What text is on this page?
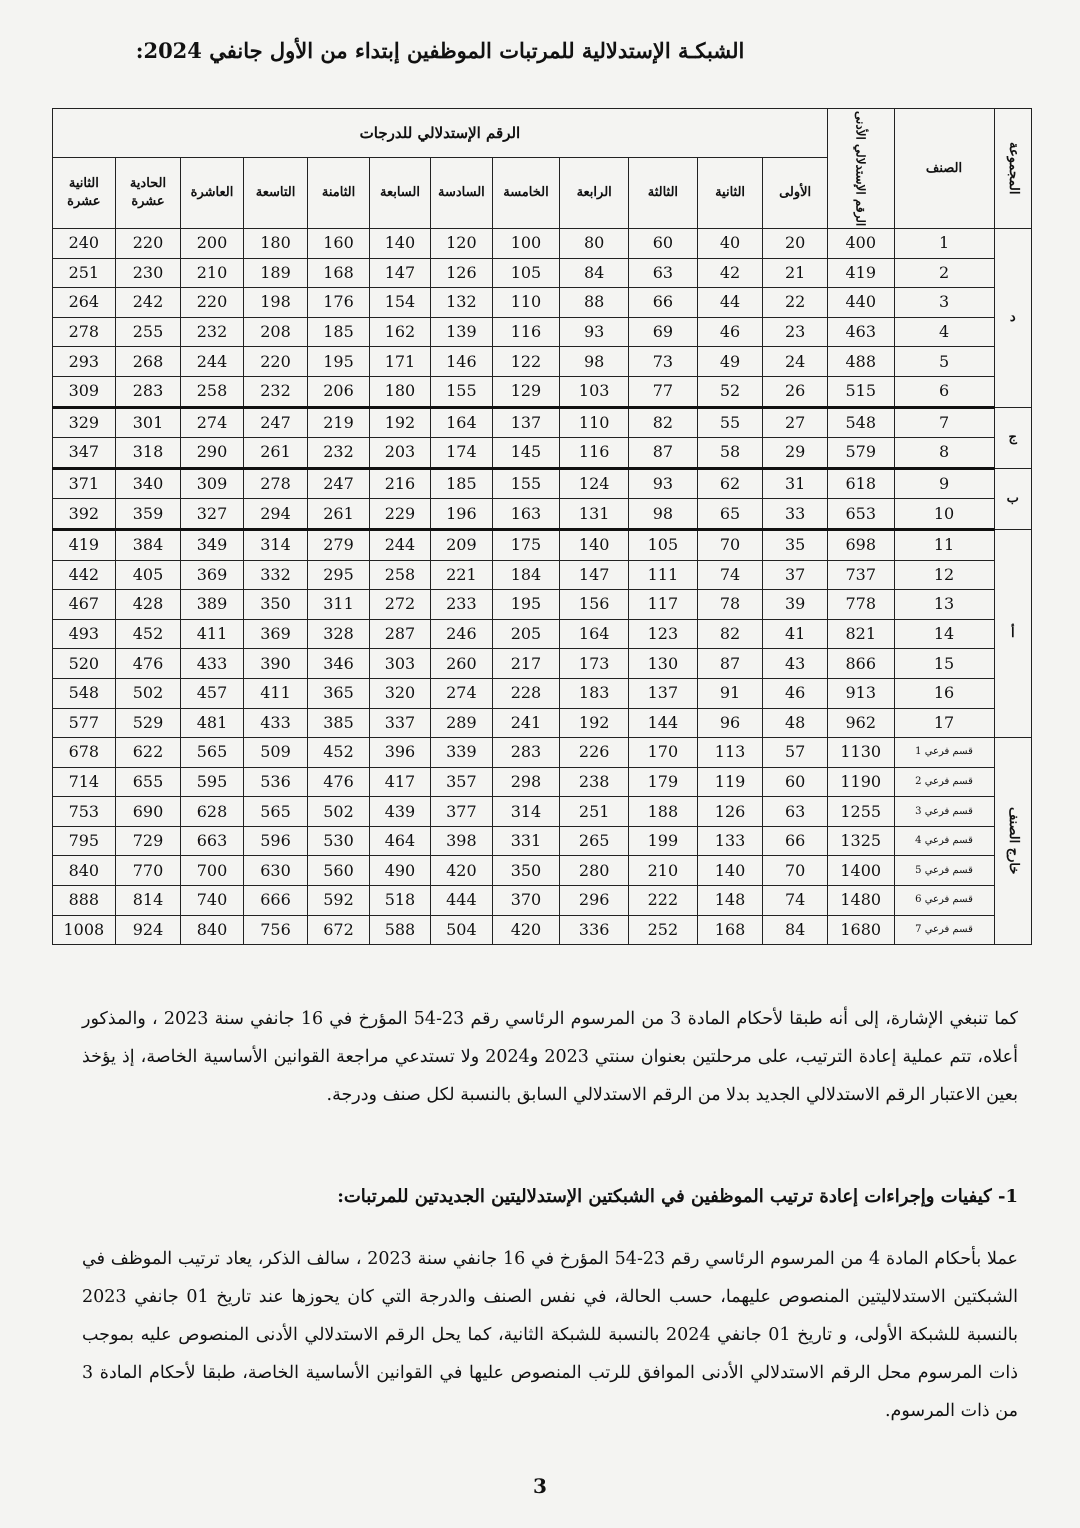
الشبكـة الإستدلالية للمرتبات الموظفين إبتداء من الأول جانفي 2024:
المجموعة	الصنف	الرقم الإستدلالي الأدنى	الرقم الإستدلالي للدرجات											
			الأولى	الثانية	الثالثة	الرابعة	الخامسة	السادسة	السابعة	الثامنة	التاسعة	العاشرة	الحادية عشرة	الثانية عشرة
د	1	400	20	40	60	80	100	120	140	160	180	200	220	240
	2	419	21	42	63	84	105	126	147	168	189	210	230	251
	3	440	22	44	66	88	110	132	154	176	198	220	242	264
	4	463	23	46	69	93	116	139	162	185	208	232	255	278
	5	488	24	49	73	98	122	146	171	195	220	244	268	293
	6	515	26	52	77	103	129	155	180	206	232	258	283	309
ج	7	548	27	55	82	110	137	164	192	219	247	274	301	329
	8	579	29	58	87	116	145	174	203	232	261	290	318	347
ب	9	618	31	62	93	124	155	185	216	247	278	309	340	371
	10	653	33	65	98	131	163	196	229	261	294	327	359	392
أ	11	698	35	70	105	140	175	209	244	279	314	349	384	419
	12	737	37	74	111	147	184	221	258	295	332	369	405	442
	13	778	39	78	117	156	195	233	272	311	350	389	428	467
	14	821	41	82	123	164	205	246	287	328	369	411	452	493
	15	866	43	87	130	173	217	260	303	346	390	433	476	520
	16	913	46	91	137	183	228	274	320	365	411	457	502	548
	17	962	48	96	144	192	241	289	337	385	433	481	529	577
خارج الصنف	قسم فرعي 1	1130	57	113	170	226	283	339	396	452	509	565	622	678
	قسم فرعي 2	1190	60	119	179	238	298	357	417	476	536	595	655	714
	قسم فرعي 3	1255	63	126	188	251	314	377	439	502	565	628	690	753
	قسم فرعي 4	1325	66	133	199	265	331	398	464	530	596	663	729	795
	قسم فرعي 5	1400	70	140	210	280	350	420	490	560	630	700	770	840
	قسم فرعي 6	1480	74	148	222	296	370	444	518	592	666	740	814	888
	قسم فرعي 7	1680	84	168	252	336	420	504	588	672	756	840	924	1008
كما تنبغي الإشارة، إلى أنه طبقا لأحكام المادة 3 من المرسوم الرئاسي رقم 23-54 المؤرخ في 16 جانفي سنة 2023 ، والمذكور أعلاه، تتم عملية إعادة الترتيب، على مرحلتين بعنوان سنتي 2023 و2024 ولا تستدعي مراجعة القوانين الأساسية الخاصة، إذ يؤخذ بعين الاعتبار الرقم الاستدلالي الجديد بدلا من الرقم الاستدلالي السابق بالنسبة لكل صنف ودرجة.
1- كيفيات وإجراءات إعادة ترتيب الموظفين في الشبكتين الإستدلاليتين الجديدتين للمرتبات:
عملا بأحكام المادة 4 من المرسوم الرئاسي رقم 23-54 المؤرخ في 16 جانفي سنة 2023 ، سالف الذكر، يعاد ترتيب الموظف في الشبكتين الاستدلاليتين المنصوص عليهما، حسب الحالة، في نفس الصنف والدرجة التي كان يحوزها عند تاريخ 01 جانفي 2023 بالنسبة للشبكة الأولى، و تاريخ 01 جانفي 2024 بالنسبة للشبكة الثانية، كما يحل الرقم الاستدلالي الأدنى المنصوص عليه بموجب ذات المرسوم محل الرقم الاستدلالي الأدنى الموافق للرتب المنصوص عليها في القوانين الأساسية الخاصة، طبقا لأحكام المادة 3 من ذات المرسوم.
3
